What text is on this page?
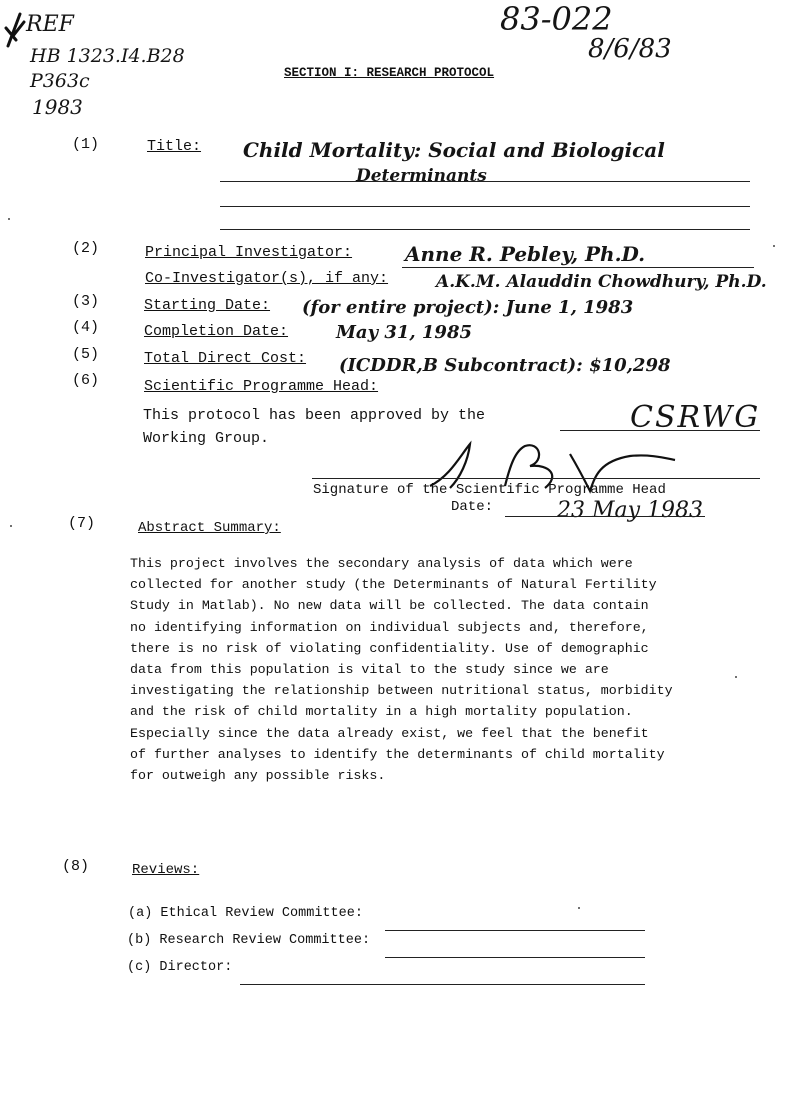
REF
HB 1323.I4.B28
P363c
1983
83-022
8/6/83
SECTION I: RESEARCH PROTOCOL
(1)	Title: Child Mortality: Social and Biological
Determinants
(2)	Principal Investigator:	Anne R. Pebley, Ph.D.
Co-Investigator(s), if any:	A.K.M. Alauddin Chowdhury, Ph.D.
(3)	Starting Date: (for entire project): June 1, 1983
(4)	Completion Date:	May 31, 1985
(5)	Total Direct Cost: (ICDDR,B Subcontract): $10,298
(6)	Scientific Programme Head:
This protocol has been approved by the	CSRWG
Working Group.
Signature of the Scientific Programme Head
Date:	23 May 1983
(7)	Abstract Summary:
This project involves the secondary analysis of data which were
collected for another study (the Determinants of Natural Fertility
Study in Matlab). No new data will be collected. The data contain
no identifying information on individual subjects and, therefore,
there is no risk of violating confidentiality. Use of demographic
data from this population is vital to the study since we are
investigating the relationship between nutritional status, morbidity
and the risk of child mortality in a high mortality population.
Especially since the data already exist, we feel that the benefit
of further analyses to identify the determinants of child mortality
for outweigh any possible risks.
(8)	Reviews:
(a) Ethical Review Committee:
(b) Research Review Committee:
(c) Director:
